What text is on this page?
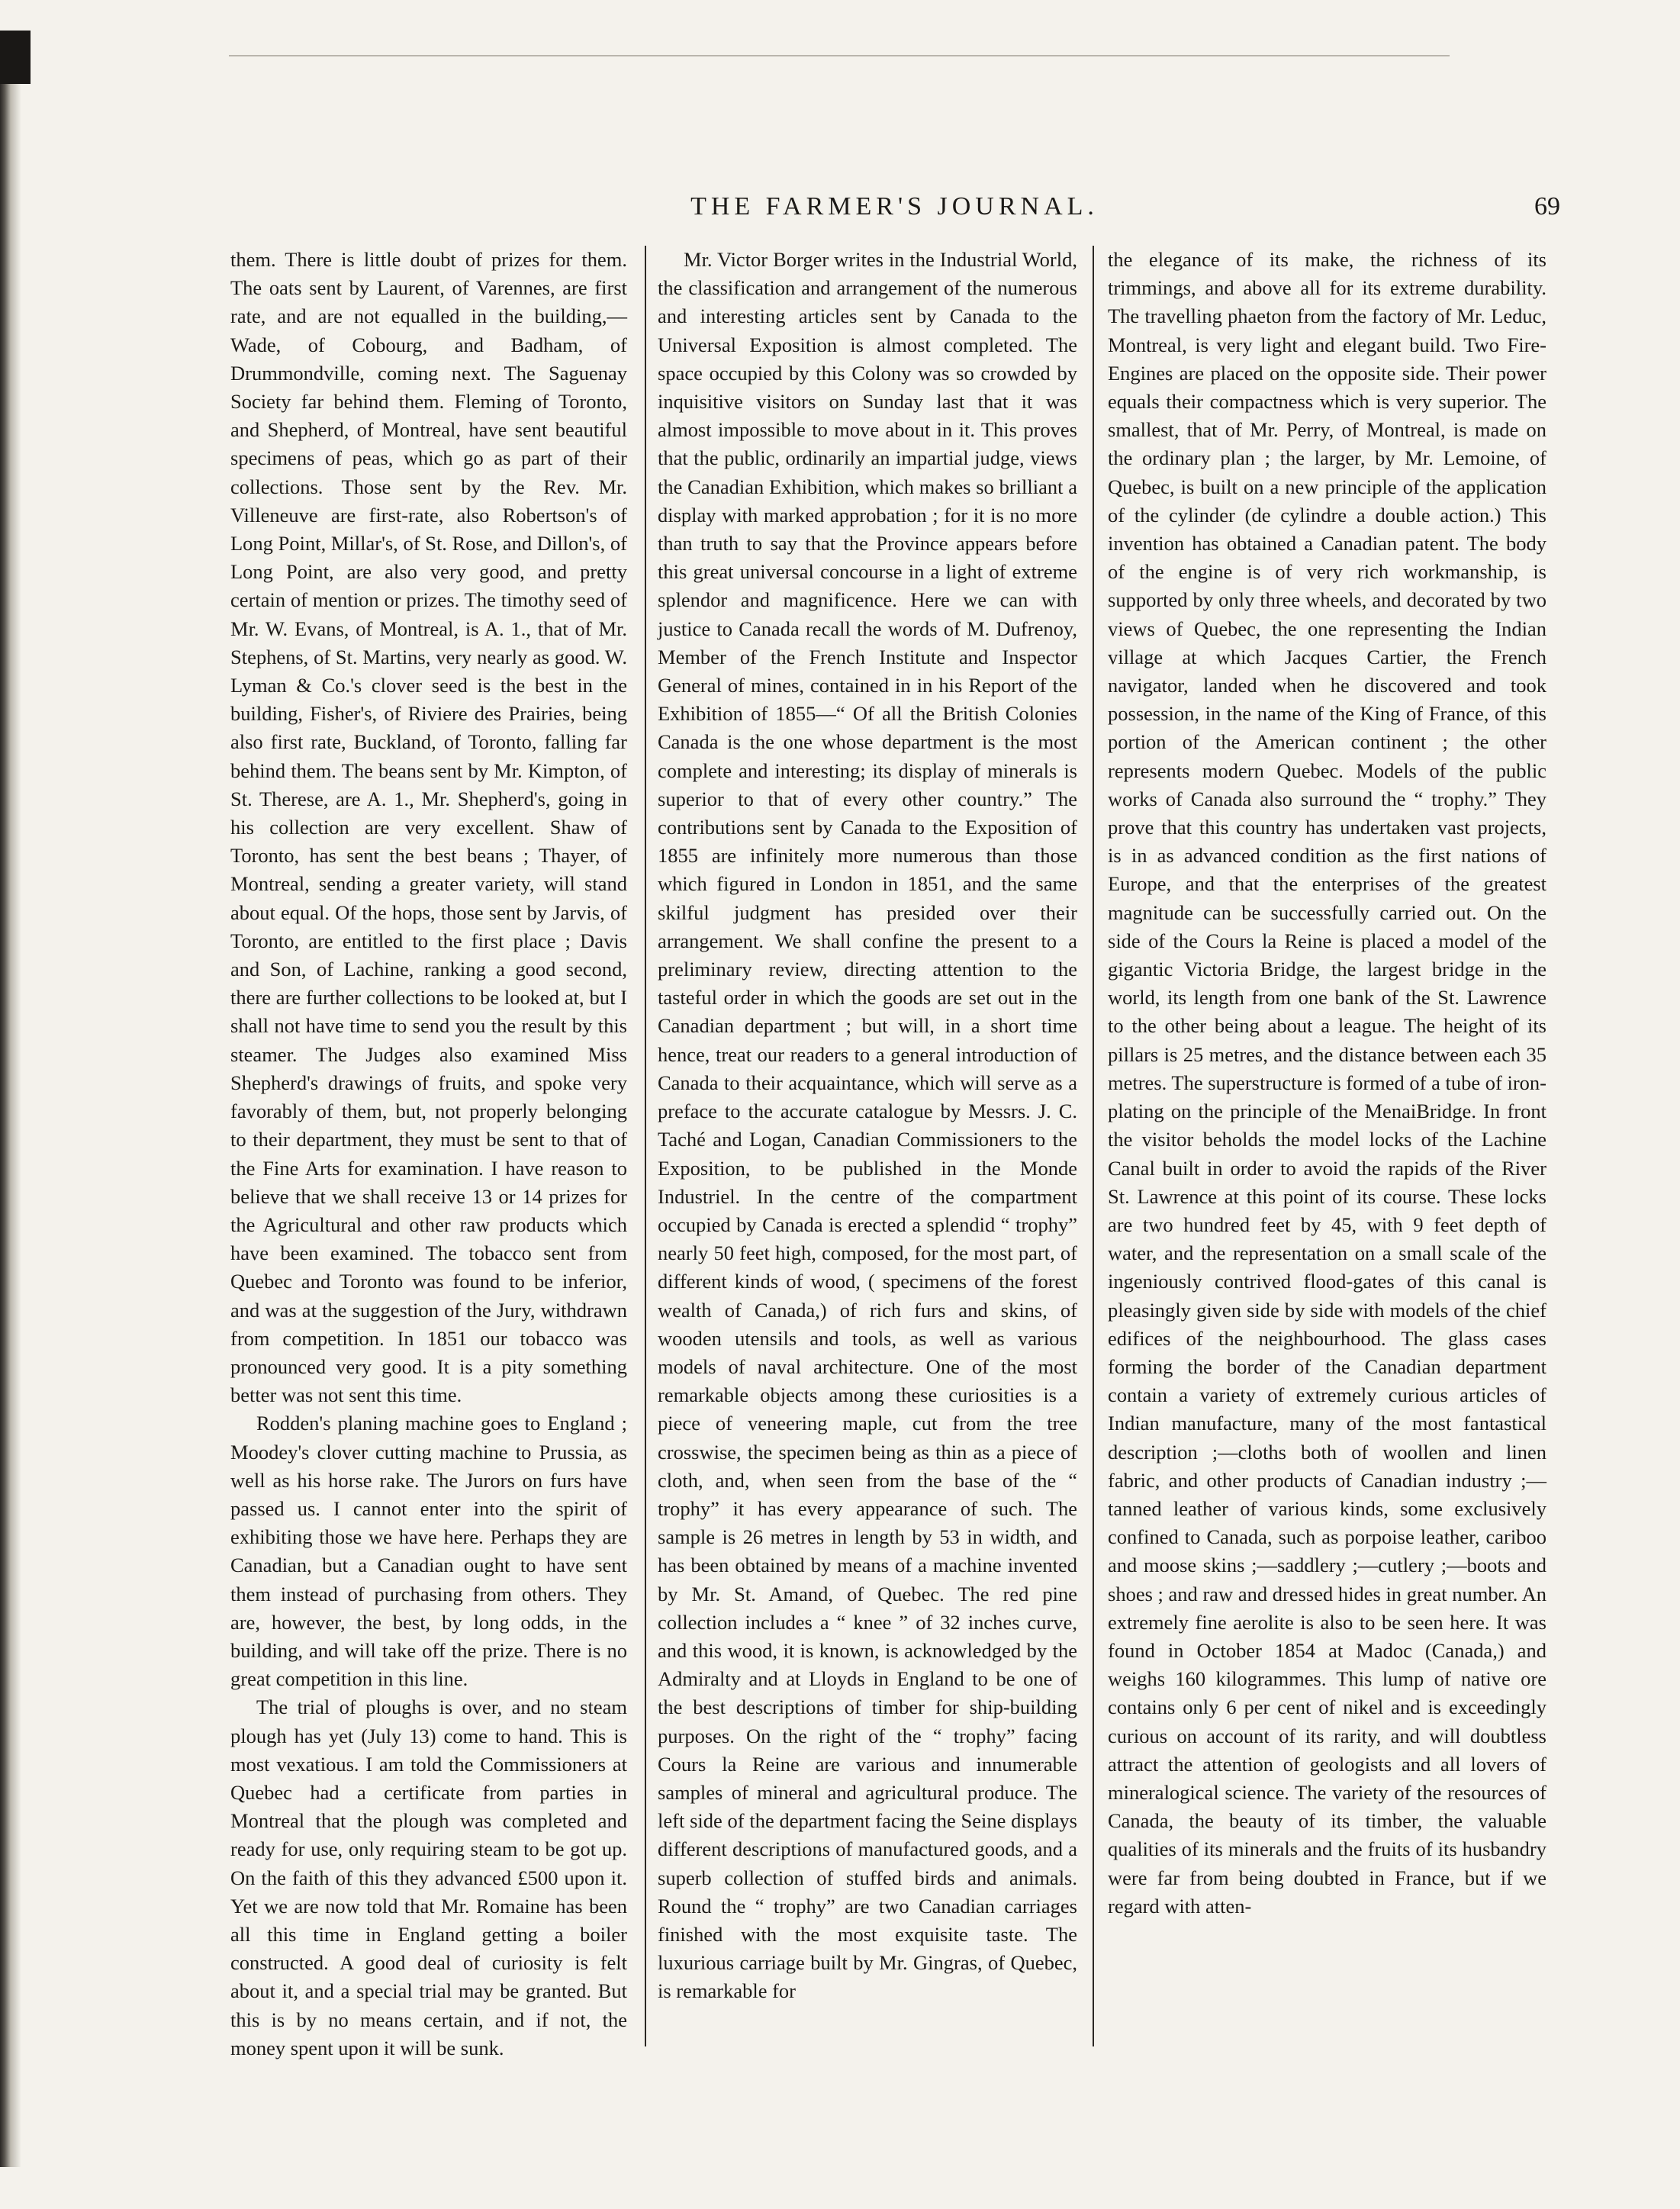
THE FARMER'S JOURNAL.	69

them. There is little doubt of prizes for them. The oats sent by Laurent, of Varennes, are first rate, and are not equalled in the building,—Wade, of Cobourg, and Badham, of Drummondville, coming next. The Saguenay Society far behind them. Fleming of Toronto, and Shepherd, of Montreal, have sent beautiful specimens of peas, which go as part of their collections. Those sent by the Rev. Mr. Villeneuve are first-rate, also Robertson's of Long Point, Millar's, of St. Rose, and Dillon's, of Long Point, are also very good, and pretty certain of mention or prizes. The timothy seed of Mr. W. Evans, of Montreal, is A. 1., that of Mr. Stephens, of St. Martins, very nearly as good. W. Lyman & Co.'s clover seed is the best in the building, Fisher's, of Riviere des Prairies, being also first rate, Buckland, of Toronto, falling far behind them. The beans sent by Mr. Kimpton, of St. Therese, are A. 1., Mr. Shepherd's, going in his collection are very excellent. Shaw of Toronto, has sent the best beans ; Thayer, of Montreal, sending a greater variety, will stand about equal. Of the hops, those sent by Jarvis, of Toronto, are entitled to the first place ; Davis and Son, of Lachine, ranking a good second, there are further collections to be looked at, but I shall not have time to send you the result by this steamer. The Judges also examined Miss Shepherd's drawings of fruits, and spoke very favorably of them, but, not properly belonging to their department, they must be sent to that of the Fine Arts for examination. I have reason to believe that we shall receive 13 or 14 prizes for the Agricultural and other raw products which have been examined. The tobacco sent from Quebec and Toronto was found to be inferior, and was at the suggestion of the Jury, withdrawn from competition. In 1851 our tobacco was pronounced very good. It is a pity something better was not sent this time.

Rodden's planing machine goes to England ; Moodey's clover cutting machine to Prussia, as well as his horse rake. The Jurors on furs have passed us. I cannot enter into the spirit of exhibiting those we have here. Perhaps they are Canadian, but a Canadian ought to have sent them instead of purchasing from others. They are, however, the best, by long odds, in the building, and will take off the prize. There is no great competition in this line.

The trial of ploughs is over, and no steam plough has yet (July 13) come to hand. This is most vexatious. I am told the Commissioners at Quebec had a certificate from parties in Montreal that the plough was completed and ready for use, only requiring steam to be got up. On the faith of this they advanced £500 upon it. Yet we are now told that Mr. Romaine has been all this time in England getting a boiler constructed. A good deal of curiosity is felt about it, and a special trial may be granted. But this is by no means certain, and if not, the money spent upon it will be sunk.

Mr. Victor Borger writes in the Industrial World, the classification and arrangement of the numerous and interesting articles sent by Canada to the Universal Exposition is almost completed. The space occupied by this Colony was so crowded by inquisitive visitors on Sunday last that it was almost impossible to move about in it. This proves that the public, ordinarily an impartial judge, views the Canadian Exhibition, which makes so brilliant a display with marked approbation ; for it is no more than truth to say that the Province appears before this great universal concourse in a light of extreme splendor and magnificence. Here we can with justice to Canada recall the words of M. Dufrenoy, Member of the French Institute and Inspector General of mines, contained in in his Report of the Exhibition of 1855—“ Of all the British Colonies Canada is the one whose department is the most complete and interesting; its display of minerals is superior to that of every other country.” The contributions sent by Canada to the Exposition of 1855 are infinitely more numerous than those which figured in London in 1851, and the same skilful judgment has presided over their arrangement. We shall confine the present to a preliminary review, directing attention to the tasteful order in which the goods are set out in the Canadian department ; but will, in a short time hence, treat our readers to a general introduction of Canada to their acquaintance, which will serve as a preface to the accurate catalogue by Messrs. J. C. Taché and Logan, Canadian Commissioners to the Exposition, to be published in the Monde Industriel. In the centre of the compartment occupied by Canada is erected a splendid “ trophy” nearly 50 feet high, composed, for the most part, of different kinds of wood, ( specimens of the forest wealth of Canada,) of rich furs and skins, of wooden utensils and tools, as well as various models of naval architecture. One of the most remarkable objects among these curiosities is a piece of veneering maple, cut from the tree crosswise, the specimen being as thin as a piece of cloth, and, when seen from the base of the “ trophy” it has every appearance of such. The sample is 26 metres in length by 53 in width, and has been obtained by means of a machine invented by Mr. St. Amand, of Quebec. The red pine collection includes a “ knee ” of 32 inches curve, and this wood, it is known, is acknowledged by the Admiralty and at Lloyds in England to be one of the best descriptions of timber for ship-building purposes. On the right of the “ trophy” facing Cours la Reine are various and innumerable samples of mineral and agricultural produce. The left side of the department facing the Seine displays different descriptions of manufactured goods, and a superb collection of stuffed birds and animals. Round the “ trophy” are two Canadian carriages finished with the most exquisite taste. The luxurious carriage built by Mr. Gingras, of Quebec, is remarkable for

the elegance of its make, the richness of its trimmings, and above all for its extreme durability. The travelling phaeton from the factory of Mr. Leduc, Montreal, is very light and elegant build. Two Fire-Engines are placed on the opposite side. Their power equals their compactness which is very superior. The smallest, that of Mr. Perry, of Montreal, is made on the ordinary plan ; the larger, by Mr. Lemoine, of Quebec, is built on a new principle of the application of the cylinder (de cylindre a double action.) This invention has obtained a Canadian patent. The body of the engine is of very rich workmanship, is supported by only three wheels, and decorated by two views of Quebec, the one representing the Indian village at which Jacques Cartier, the French navigator, landed when he discovered and took possession, in the name of the King of France, of this portion of the American continent ; the other represents modern Quebec. Models of the public works of Canada also surround the “ trophy.” They prove that this country has undertaken vast projects, is in as advanced condition as the first nations of Europe, and that the enterprises of the greatest magnitude can be successfully carried out. On the side of the Cours la Reine is placed a model of the gigantic Victoria Bridge, the largest bridge in the world, its length from one bank of the St. Lawrence to the other being about a league. The height of its pillars is 25 metres, and the distance between each 35 metres. The superstructure is formed of a tube of iron-plating on the principle of the MenaiBridge. In front the visitor beholds the model locks of the Lachine Canal built in order to avoid the rapids of the River St. Lawrence at this point of its course. These locks are two hundred feet by 45, with 9 feet depth of water, and the representation on a small scale of the ingeniously contrived flood-gates of this canal is pleasingly given side by side with models of the chief edifices of the neighbourhood. The glass cases forming the border of the Canadian department contain a variety of extremely curious articles of Indian manufacture, many of the most fantastical description ;—cloths both of woollen and linen fabric, and other products of Canadian industry ;—tanned leather of various kinds, some exclusively confined to Canada, such as porpoise leather, cariboo and moose skins ;—saddlery ;—cutlery ;—boots and shoes ; and raw and dressed hides in great number. An extremely fine aerolite is also to be seen here. It was found in October 1854 at Madoc (Canada,) and weighs 160 kilogrammes. This lump of native ore contains only 6 per cent of nikel and is exceedingly curious on account of its rarity, and will doubtless attract the attention of geologists and all lovers of mineralogical science. The variety of the resources of Canada, the beauty of its timber, the valuable qualities of its minerals and the fruits of its husbandry were far from being doubted in France, but if we regard with atten-
